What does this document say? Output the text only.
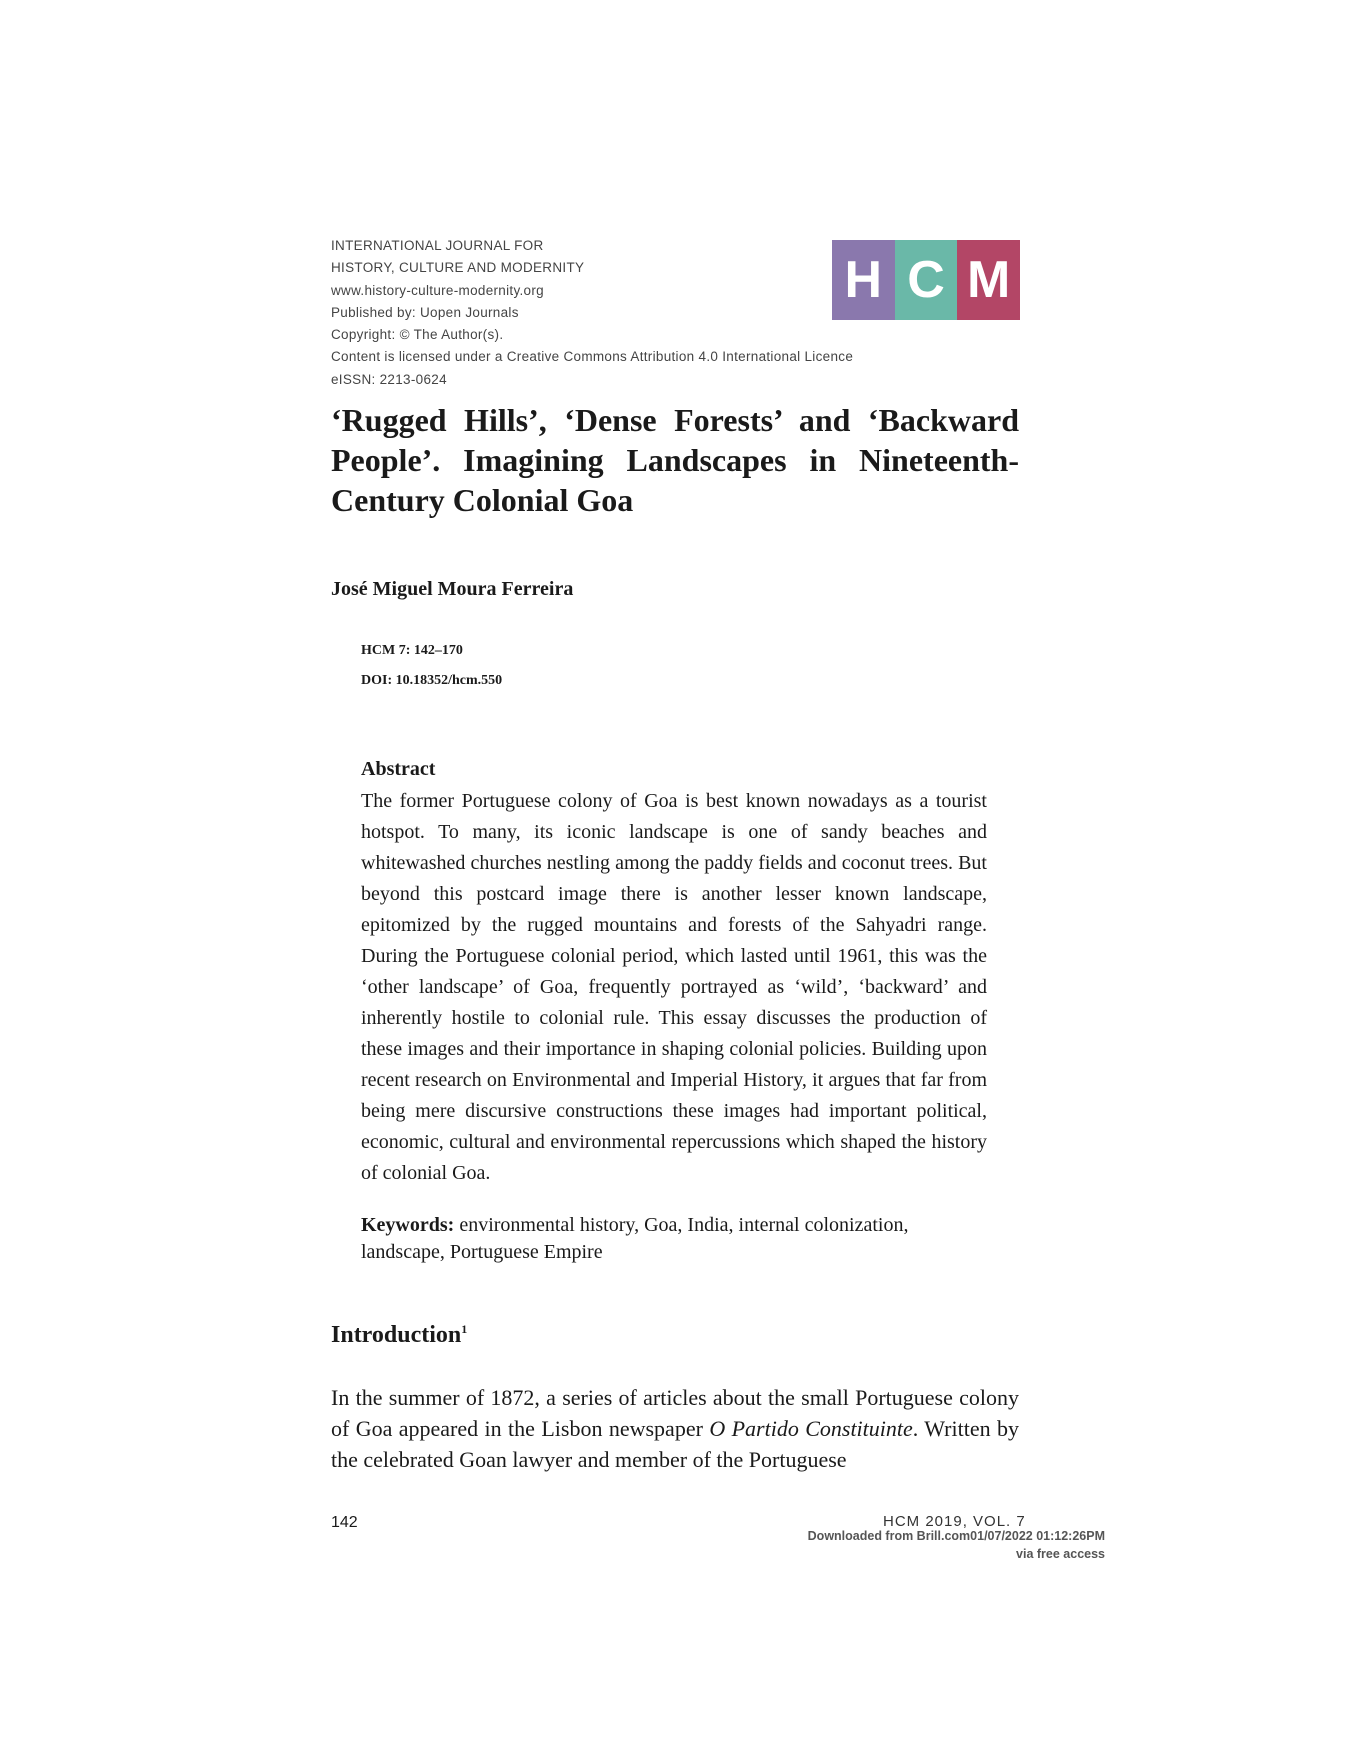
INTERNATIONAL JOURNAL FOR
HISTORY, CULTURE AND MODERNITY
www.history-culture-modernity.org
Published by: Uopen Journals
Copyright: © The Author(s).
Content is licensed under a Creative Commons Attribution 4.0 International Licence
eISSN: 2213-0624
H C M
‘Rugged Hills’, ‘Dense Forests’ and ‘Backward People’. Imagining Landscapes in Nineteenth-Century Colonial Goa
José Miguel Moura Ferreira
HCM 7: 142–170
DOI: 10.18352/hcm.550
Abstract

The former Portuguese colony of Goa is best known nowadays as a tourist hotspot. To many, its iconic landscape is one of sandy beaches and whitewashed churches nestling among the paddy fields and coconut trees. But beyond this postcard image there is another lesser known landscape, epitomized by the rugged mountains and forests of the Sahyadri range. During the Portuguese colonial period, which lasted until 1961, this was the ‘other landscape’ of Goa, frequently portrayed as ‘wild’, ‘backward’ and inherently hostile to colonial rule. This essay discusses the production of these images and their importance in shaping colonial policies. Building upon recent research on Environmental and Imperial History, it argues that far from being mere discursive constructions these images had important political, economic, cultural and environmental repercussions which shaped the history of colonial Goa.

Keywords: environmental history, Goa, India, internal colonization, landscape, Portuguese Empire

Introduction$^1$

In the summer of 1872, a series of articles about the small Portuguese colony of Goa appeared in the Lisbon newspaper O Partido Constituinte. Written by the celebrated Goan lawyer and member of the Portuguese

142	HCM 2019, VOL. 7
Downloaded from Brill.com01/07/2022 01:12:26PM
via free access
